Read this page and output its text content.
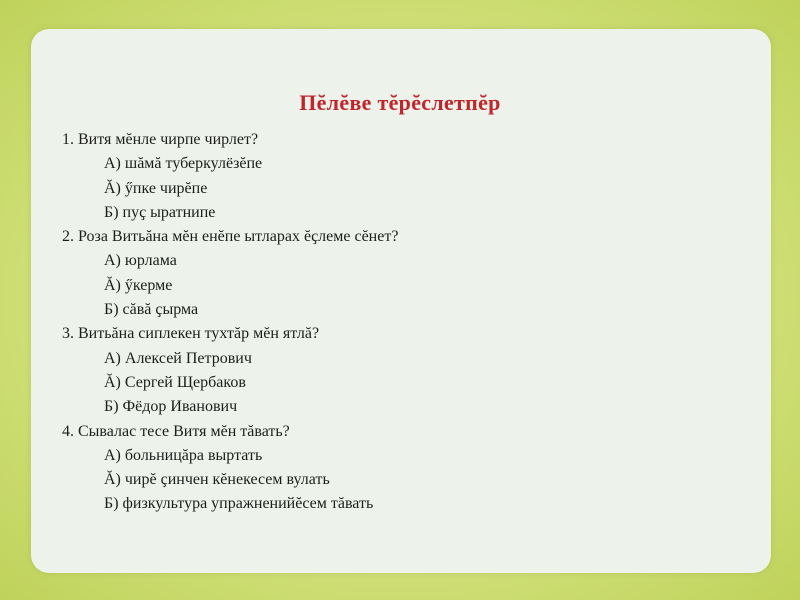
Пĕлĕве тĕрĕслетпĕр
1. Витя мĕнле чирпе чирлет?
А) шăмă туберкулёзĕпе
Ă) ӳпке чирĕпе
Б) пуҫ ыратнипе
2. Роза Витьăна мĕн енĕпе ытларах ĕҫлеме сĕнет?
А) юрлама
Ă) ӳкерме
Б) сăвă ҫырма
3. Витьăна сиплекен тухтăр мĕн ятлă?
А) Алексей Петрович
Ă) Сергей Щербаков
Б) Фёдор Иванович
4. Сывалас тесе Витя мĕн тăвать?
А) больницăра выртать
Ă) чирĕ ҫинчен кĕнекесем вулать
Б) физкультура упражненийĕсем тăвать
